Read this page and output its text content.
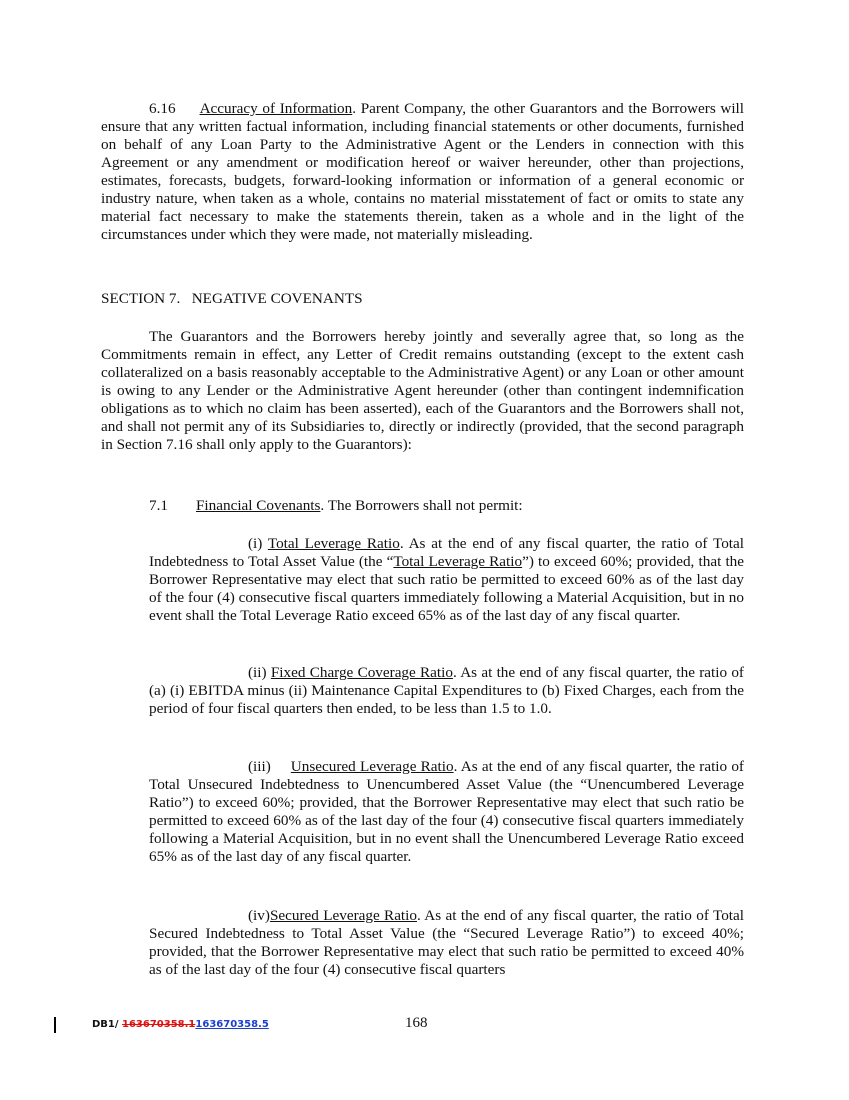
6.16 Accuracy of Information. Parent Company, the other Guarantors and the Borrowers will ensure that any written factual information, including financial statements or other documents, furnished on behalf of any Loan Party to the Administrative Agent or the Lenders in connection with this Agreement or any amendment or modification hereof or waiver hereunder, other than projections, estimates, forecasts, budgets, forward-looking information or information of a general economic or industry nature, when taken as a whole, contains no material misstatement of fact or omits to state any material fact necessary to make the statements therein, taken as a whole and in the light of the circumstances under which they were made, not materially misleading.

SECTION 7.   NEGATIVE COVENANTS

The Guarantors and the Borrowers hereby jointly and severally agree that, so long as the Commitments remain in effect, any Letter of Credit remains outstanding (except to the extent cash collateralized on a basis reasonably acceptable to the Administrative Agent) or any Loan or other amount is owing to any Lender or the Administrative Agent hereunder (other than contingent indemnification obligations as to which no claim has been asserted), each of the Guarantors and the Borrowers shall not, and shall not permit any of its Subsidiaries to, directly or indirectly (provided, that the second paragraph in Section 7.16 shall only apply to the Guarantors):

7.1 Financial Covenants. The Borrowers shall not permit:

(i) Total Leverage Ratio. As at the end of any fiscal quarter, the ratio of Total Indebtedness to Total Asset Value (the “Total Leverage Ratio”) to exceed 60%; provided, that the Borrower Representative may elect that such ratio be permitted to exceed 60% as of the last day of the four (4) consecutive fiscal quarters immediately following a Material Acquisition, but in no event shall the Total Leverage Ratio exceed 65% as of the last day of any fiscal quarter.

(ii) Fixed Charge Coverage Ratio. As at the end of any fiscal quarter, the ratio of (a) (i) EBITDA minus (ii) Maintenance Capital Expenditures to (b) Fixed Charges, each from the period of four fiscal quarters then ended, to be less than 1.5 to 1.0.

(iii) Unsecured Leverage Ratio. As at the end of any fiscal quarter, the ratio of Total Unsecured Indebtedness to Unencumbered Asset Value (the “Unencumbered Leverage Ratio”) to exceed 60%; provided, that the Borrower Representative may elect that such ratio be permitted to exceed 60% as of the last day of the four (4) consecutive fiscal quarters immediately following a Material Acquisition, but in no event shall the Unencumbered Leverage Ratio exceed 65% as of the last day of any fiscal quarter.

(iv)Secured Leverage Ratio. As at the end of any fiscal quarter, the ratio of Total Secured Indebtedness to Total Asset Value (the “Secured Leverage Ratio”) to exceed 40%; provided, that the Borrower Representative may elect that such ratio be permitted to exceed 40% as of the last day of the four (4) consecutive fiscal quarters

DB1/ 163670358.1163670358.5	168
